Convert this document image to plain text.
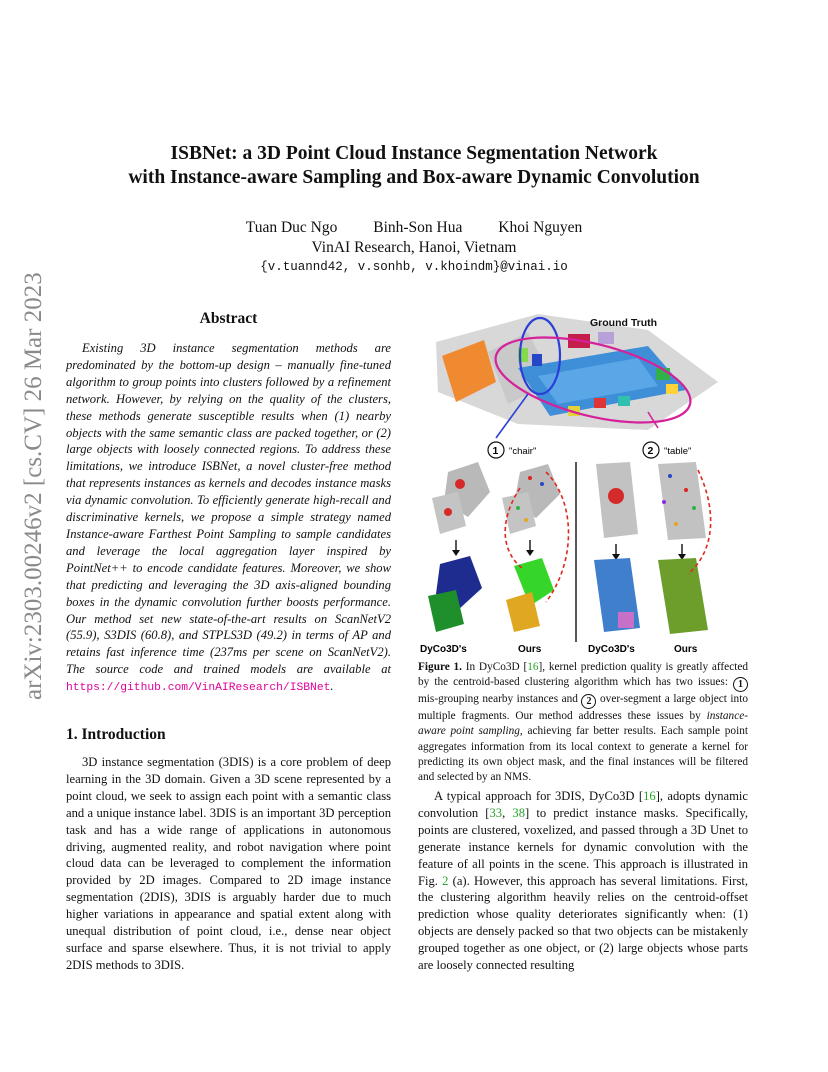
arXiv:2303.00246v2 [cs.CV] 26 Mar 2023
ISBNet: a 3D Point Cloud Instance Segmentation Network
with Instance-aware Sampling and Box-aware Dynamic Convolution
Tuan Duc Ngo Binh-Son Hua Khoi Nguyen
VinAI Research, Hanoi, Vietnam
{v.tuannd42, v.sonhb, v.khoindm}@vinai.io
Abstract

Existing 3D instance segmentation methods are predominated by the bottom-up design – manually fine-tuned algorithm to group points into clusters followed by a refinement network. However, by relying on the quality of the clusters, these methods generate susceptible results when (1) nearby objects with the same semantic class are packed together, or (2) large objects with loosely connected regions. To address these limitations, we introduce ISBNet, a novel cluster-free method that represents instances as kernels and decodes instance masks via dynamic convolution. To efficiently generate high-recall and discriminative kernels, we propose a simple strategy named Instance-aware Farthest Point Sampling to sample candidates and leverage the local aggregation layer inspired by PointNet++ to encode candidate features. Moreover, we show that predicting and leveraging the 3D axis-aligned bounding boxes in the dynamic convolution further boosts performance. Our method set new state-of-the-art results on ScanNetV2 (55.9), S3DIS (60.8), and STPLS3D (49.2) in terms of AP and retains fast inference time (237ms per scene on ScanNetV2). The source code and trained models are available at https://github.com/VinAIResearch/ISBNet.

1. Introduction

3D instance segmentation (3DIS) is a core problem of deep learning in the 3D domain. Given a 3D scene represented by a point cloud, we seek to assign each point with a semantic class and a unique instance label. 3DIS is an important 3D perception task and has a wide range of applications in autonomous driving, augmented reality, and robot navigation where point cloud data can be leveraged to complement the information provided by 2D images. Compared to 2D image instance segmentation (2DIS), 3DIS is arguably harder due to much higher variations in appearance and spatial extent along with unequal distribution of point cloud, i.e., dense near object surface and sparse elsewhere. Thus, it is not trivial to apply 2DIS methods to 3DIS.

Ground Truth
1 "chair"	2 "table"
DyCo3D's	Ours	DyCo3D's	Ours

Figure 1. In DyCo3D [16], kernel prediction quality is greatly affected by the centroid-based clustering algorithm which has two issues: 1 mis-grouping nearby instances and 2 over-segment a large object into multiple fragments. Our method addresses these issues by instance-aware point sampling, achieving far better results. Each sample point aggregates information from its local context to generate a kernel for predicting its own object mask, and the final instances will be filtered and selected by an NMS.

A typical approach for 3DIS, DyCo3D [16], adopts dynamic convolution [33, 38] to predict instance masks. Specifically, points are clustered, voxelized, and passed through a 3D Unet to generate instance kernels for dynamic convolution with the feature of all points in the scene. This approach is illustrated in Fig. 2 (a). However, this approach has several limitations. First, the clustering algorithm heavily relies on the centroid-offset prediction whose quality deteriorates significantly when: (1) objects are densely packed so that two objects can be mistakenly grouped together as one object, or (2) large objects whose parts are loosely connected resulting
